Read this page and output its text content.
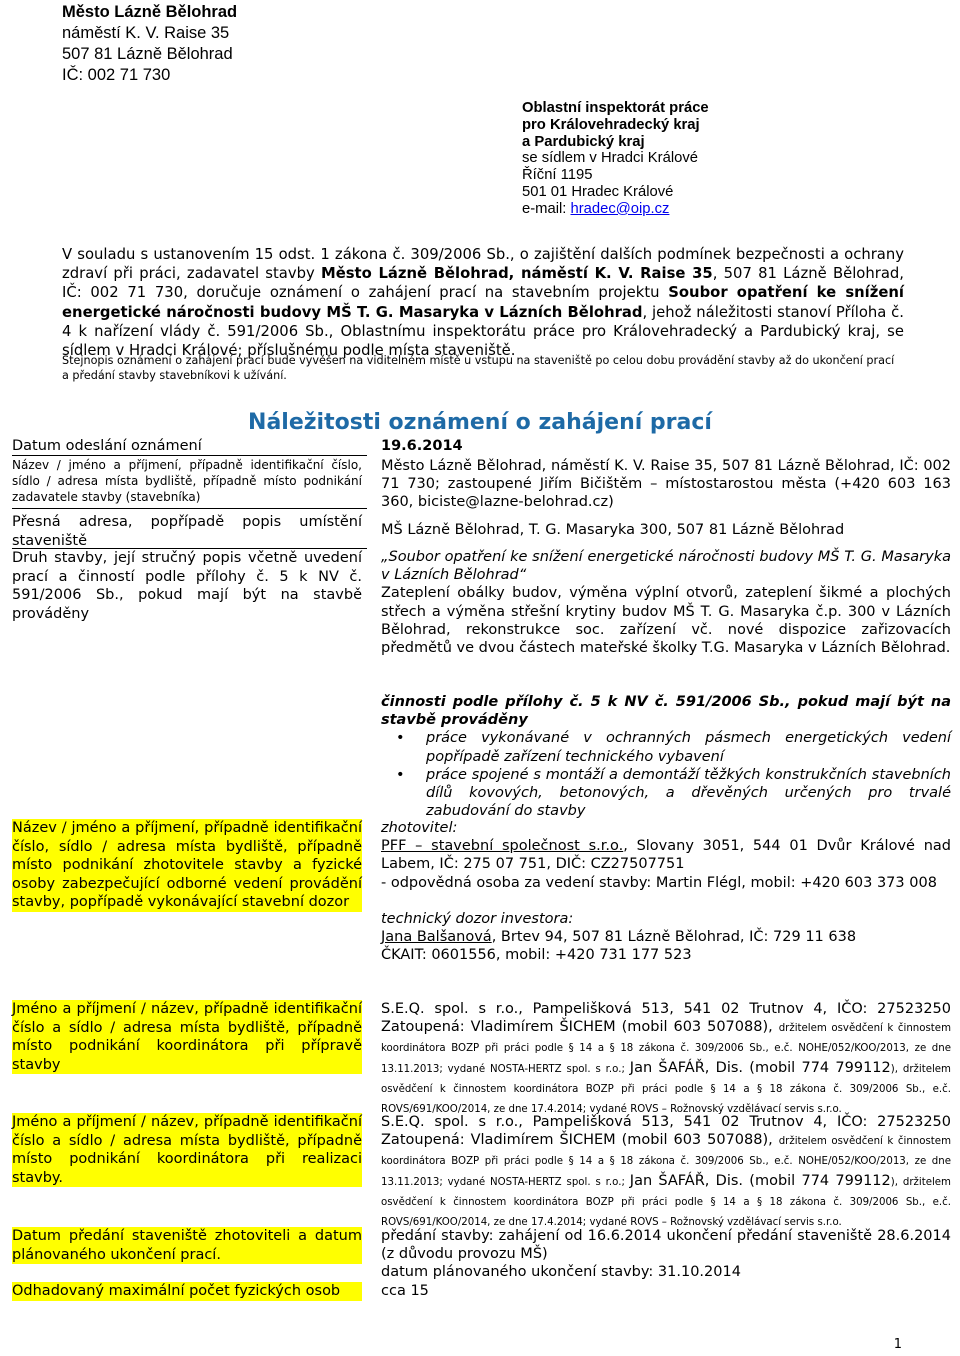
Město Lázně Bělohrad
náměstí K. V. Raise 35
507 81 Lázně Bělohrad
IČ: 002 71 730
Oblastní inspektorát práce
pro Královehradecký kraj
a Pardubický kraj
se sídlem v Hradci Králové
Říční 1195
501 01 Hradec Králové
e-mail: hradec@oip.cz
V souladu s ustanovením 15 odst. 1 zákona č. 309/2006 Sb., o zajištění dalších podmínek bezpečnosti a ochrany zdraví při práci, zadavatel stavby Město Lázně Bělohrad, náměstí K. V. Raise 35, 507 81 Lázně Bělohrad, IČ: 002 71 730, doručuje oznámení o zahájení prací na stavebním projektu Soubor opatření ke snížení energetické náročnosti budovy MŠ T. G. Masaryka v Lázních Bělohrad, jehož náležitosti stanoví Příloha č. 4 k nařízení vlády č. 591/2006 Sb., Oblastnímu inspektorátu práce pro Královehradecký a Pardubický kraj, se sídlem v Hradci Králové; příslušnému podle místa staveniště.
Stejnopis oznámení o zahájení prací bude vyvěšen na viditelném místě u vstupu na staveniště po celou dobu provádění stavby až do ukončení prací a předání stavby stavebníkovi k užívání.
Náležitosti oznámení o zahájení prací
Datum odeslání oznámení	19.6.2014
Název / jméno a příjmení, případně identifikační číslo, sídlo / adresa místa bydliště, případně místo podnikání zadavatele stavby (stavebníka)
Město Lázně Bělohrad, náměstí K. V. Raise 35, 507 81 Lázně Bělohrad, IČ: 002 71 730; zastoupené Jiřím Bičištěm – místostarostou města (+420 603 163 360, biciste@lazne-belohrad.cz)
Přesná adresa, popřípadě popis umístění staveniště
MŠ Lázně Bělohrad, T. G. Masaryka 300, 507 81 Lázně Bělohrad
Druh stavby, její stručný popis včetně uvedení prací a činností podle přílohy č. 5 k NV č. 591/2006 Sb., pokud mají být na stavbě prováděny
„Soubor opatření ke snížení energetické náročnosti budovy MŠ T. G. Masaryka v Lázních Bělohrad“
Zateplení obálky budov, výměna výplní otvorů, zateplení šikmé a plochých střech a výměna střešní krytiny budov MŠ T. G. Masaryka č.p. 300 v Lázních Bělohrad, rekonstrukce soc. zařízení vč. nové dispozice zařizovacích předmětů ve dvou částech mateřské školky T.G. Masaryka v Lázních Bělohrad.
činnosti podle přílohy č. 5 k NV č. 591/2006 Sb., pokud mají být na stavbě prováděny
• práce vykonávané v ochranných pásmech energetických vedení popřípadě zařízení technického vybavení
• práce spojené s montáží a demontáží těžkých konstrukčních stavebních dílů kovových, betonových, a dřevěných určených pro trvalé zabudování do stavby
Název / jméno a příjmení, případně identifikační číslo, sídlo / adresa místa bydliště, případně místo podnikání zhotovitele stavby a fyzické osoby zabezpečující odborné vedení provádění stavby, popřípadě vykonávající stavební dozor
zhotovitel:
PFF – stavební společnost s.r.o., Slovany 3051, 544 01 Dvůr Králové nad Labem, IČ: 275 07 751, DIČ: CZ27507751
- odpovědná osoba za vedení stavby: Martin Flégl, mobil: +420 603 373 008
technický dozor investora:
Jana Balšanová, Brtev 94, 507 81 Lázně Bělohrad, IČ: 729 11 638
ČKAIT: 0601556, mobil: +420 731 177 523
Jméno a příjmení / název, případně identifikační číslo a sídlo / adresa místa bydliště, případně místo podnikání koordinátora při přípravě stavby
S.E.Q. spol. s r.o., Pampelišková 513, 541 02 Trutnov 4, IČO: 27523250 Zatoupená: Vladimírem ŠICHEM (mobil 603 507088), držitelem osvědčení k činnostem koordinátora BOZP při práci podle § 14 a § 18 zákona č. 309/2006 Sb., e.č. NOHE/052/KOO/2013, ze dne 13.11.2013; vydané NOSTA-HERTZ spol. s r.o.; Jan ŠAFÁŘ, Dis. (mobil 774 799112), držitelem osvědčení k činnostem koordinátora BOZP při práci podle § 14 a § 18 zákona č. 309/2006 Sb., e.č. ROVS/691/KOO/2014, ze dne 17.4.2014; vydané ROVS – Rožnovský vzdělávací servis s.r.o.
Jméno a příjmení / název, případně identifikační číslo a sídlo / adresa místa bydliště, případně místo podnikání koordinátora při realizaci stavby.
S.E.Q. spol. s r.o., Pampelišková 513, 541 02 Trutnov 4, IČO: 27523250 Zatoupená: Vladimírem ŠICHEM (mobil 603 507088), držitelem osvědčení k činnostem koordinátora BOZP při práci podle § 14 a § 18 zákona č. 309/2006 Sb., e.č. NOHE/052/KOO/2013, ze dne 13.11.2013; vydané NOSTA-HERTZ spol. s r.o.; Jan ŠAFÁŘ, Dis. (mobil 774 799112), držitelem osvědčení k činnostem koordinátora BOZP při práci podle § 14 a § 18 zákona č. 309/2006 Sb., e.č. ROVS/691/KOO/2014, ze dne 17.4.2014; vydané ROVS – Rožnovský vzdělávací servis s.r.o.
Datum předání staveniště zhotoviteli a datum plánovaného ukončení prací.
předání stavby: zahájení od 16.6.2014 ukončení předání staveniště 28.6.2014 (z důvodu provozu MŠ)
datum plánovaného ukončení stavby: 31.10.2014
Odhadovaný maximální počet fyzických osob	cca 15
1
